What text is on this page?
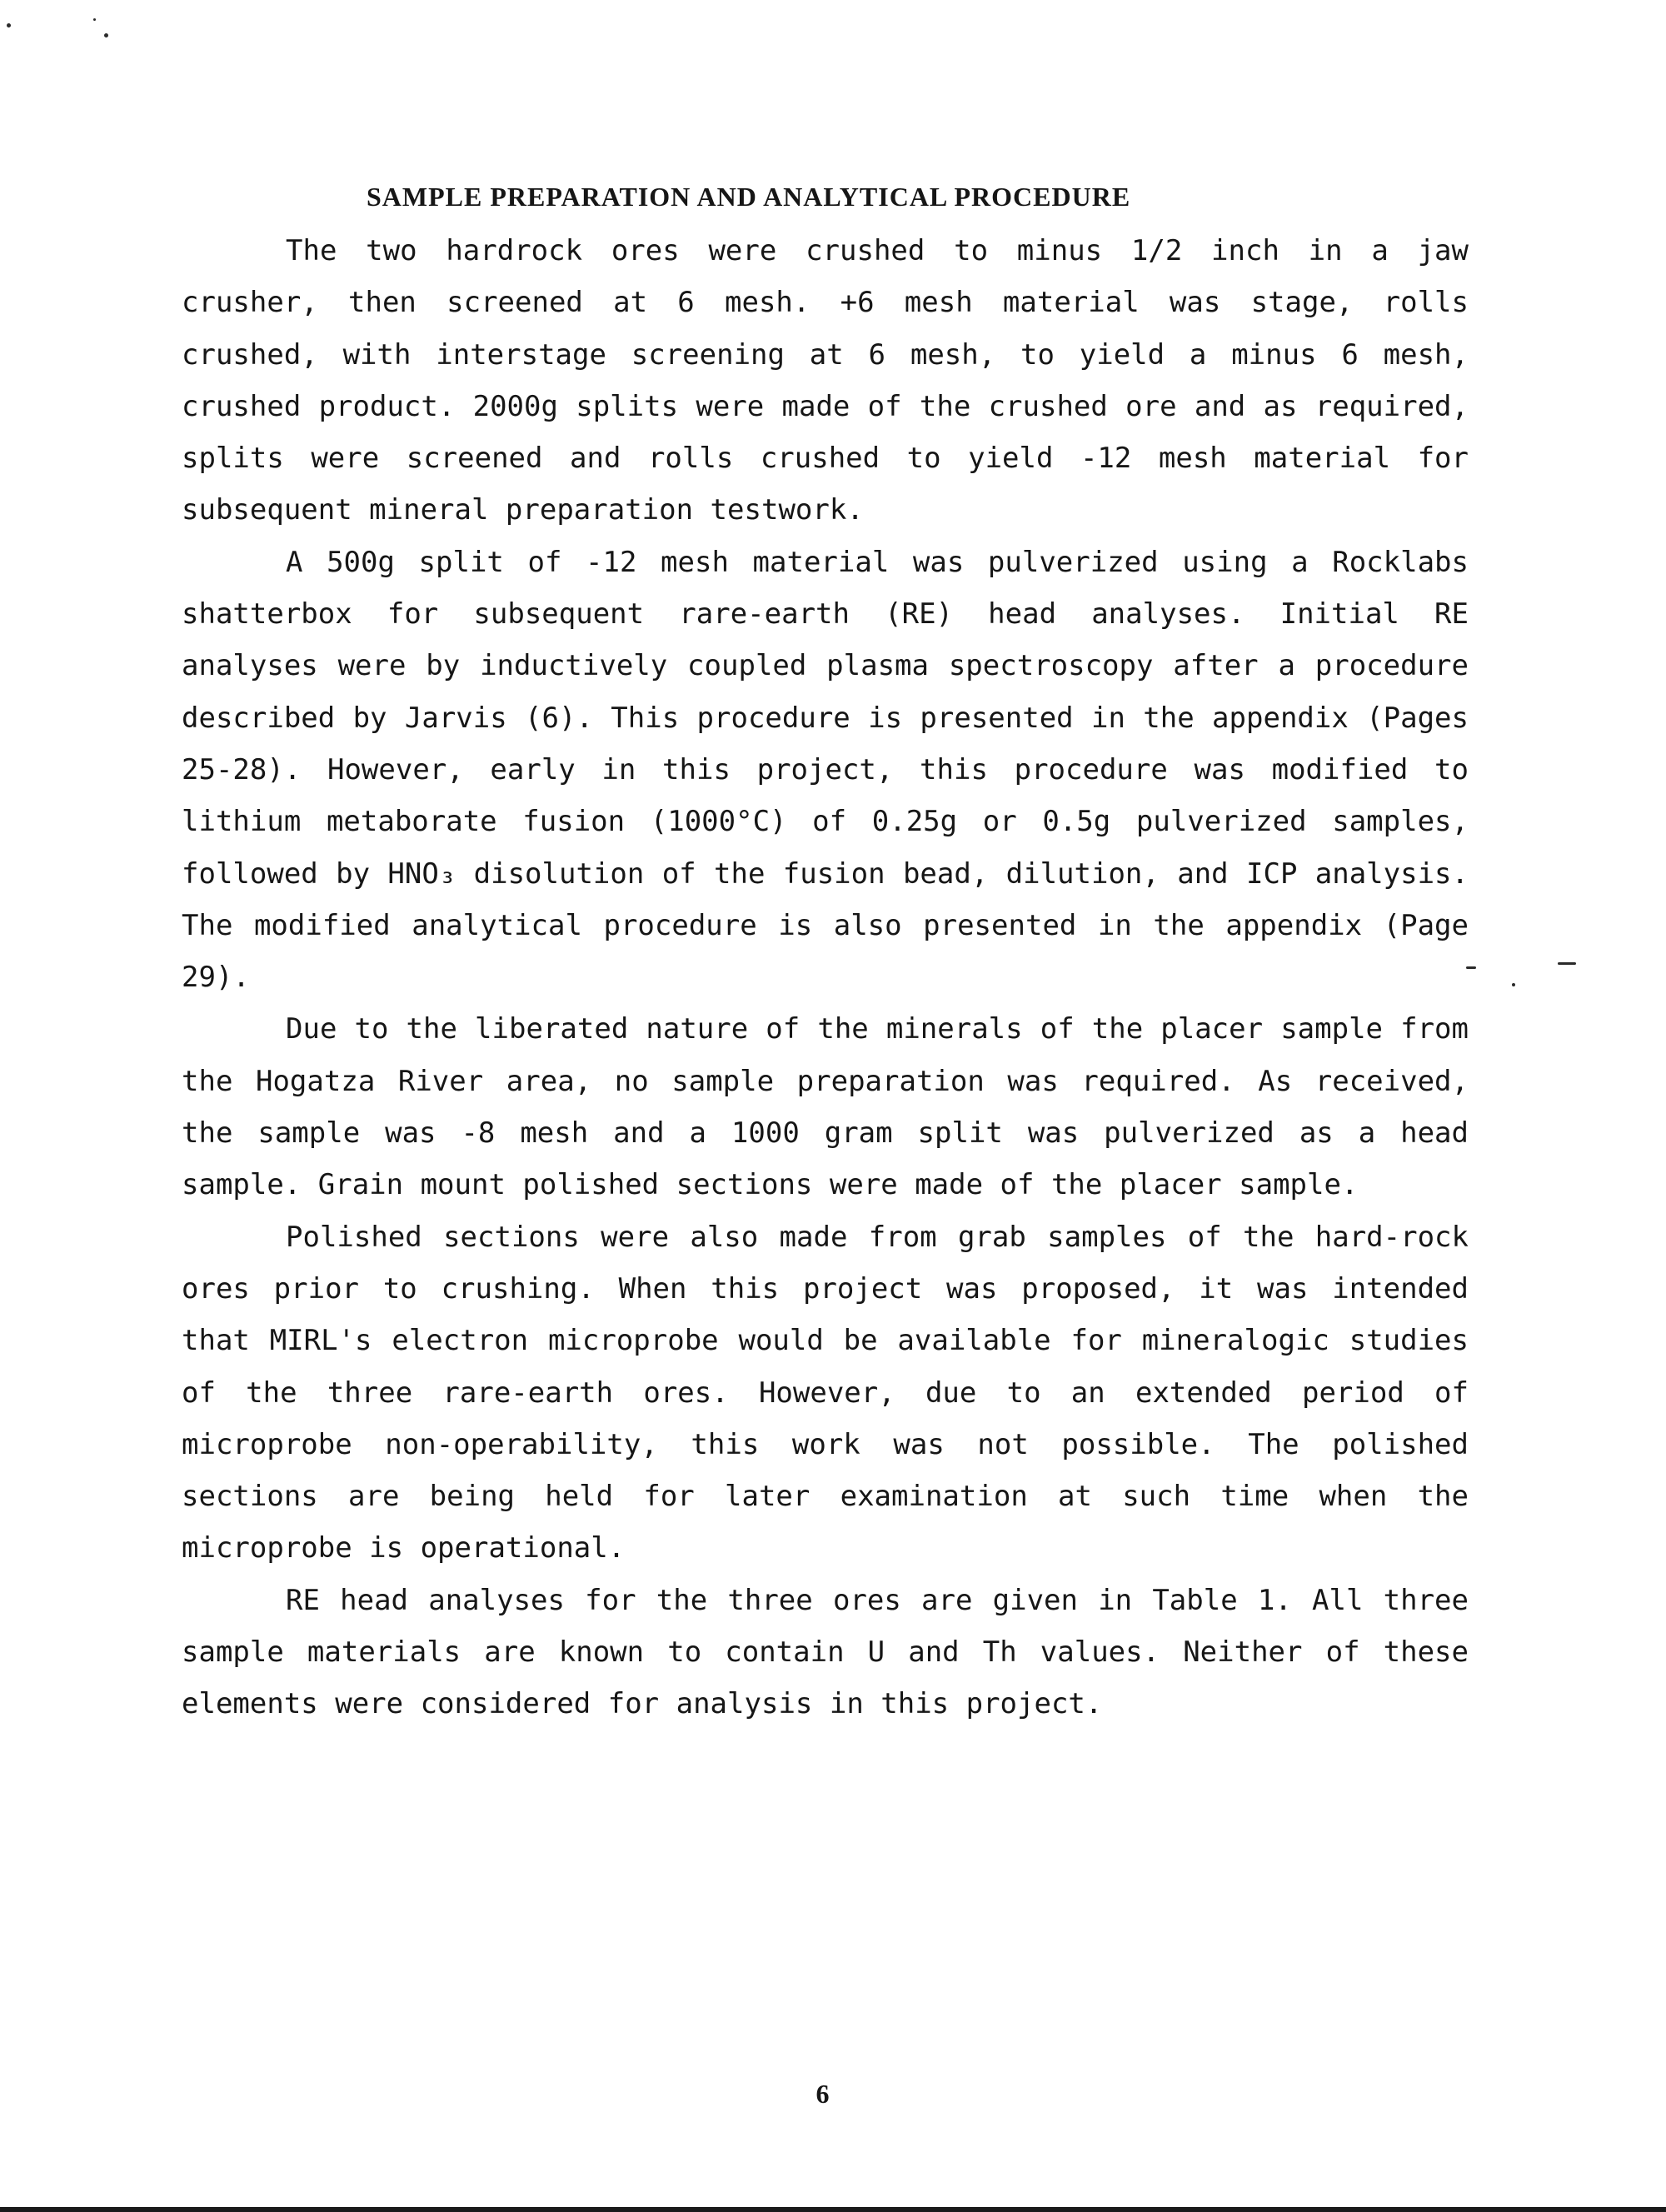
SAMPLE PREPARATION AND ANALYTICAL PROCEDURE

The two hardrock ores were crushed to minus 1/2 inch in a jaw crusher, then screened at 6 mesh. +6 mesh material was stage, rolls crushed, with interstage screening at 6 mesh, to yield a minus 6 mesh, crushed product. 2000g splits were made of the crushed ore and as required, splits were screened and rolls crushed to yield -12 mesh material for subsequent mineral preparation testwork.

A 500g split of -12 mesh material was pulverized using a Rocklabs shatterbox for subsequent rare-earth (RE) head analyses. Initial RE analyses were by inductively coupled plasma spectroscopy after a procedure described by Jarvis (6). This procedure is presented in the appendix (Pages 25-28). However, early in this project, this procedure was modified to lithium metaborate fusion (1000°C) of 0.25g or 0.5g pulverized samples, followed by HNO₃ disolution of the fusion bead, dilution, and ICP analysis. The modified analytical procedure is also presented in the appendix (Page 29).

Due to the liberated nature of the minerals of the placer sample from the Hogatza River area, no sample preparation was required. As received, the sample was -8 mesh and a 1000 gram split was pulverized as a head sample. Grain mount polished sections were made of the placer sample.

Polished sections were also made from grab samples of the hard-rock ores prior to crushing. When this project was proposed, it was intended that MIRL's electron microprobe would be available for mineralogic studies of the three rare-earth ores. However, due to an extended period of microprobe non-operability, this work was not possible. The polished sections are being held for later examination at such time when the microprobe is operational.

RE head analyses for the three ores are given in Table 1. All three sample materials are known to contain U and Th values. Neither of these elements were considered for analysis in this project.

6
